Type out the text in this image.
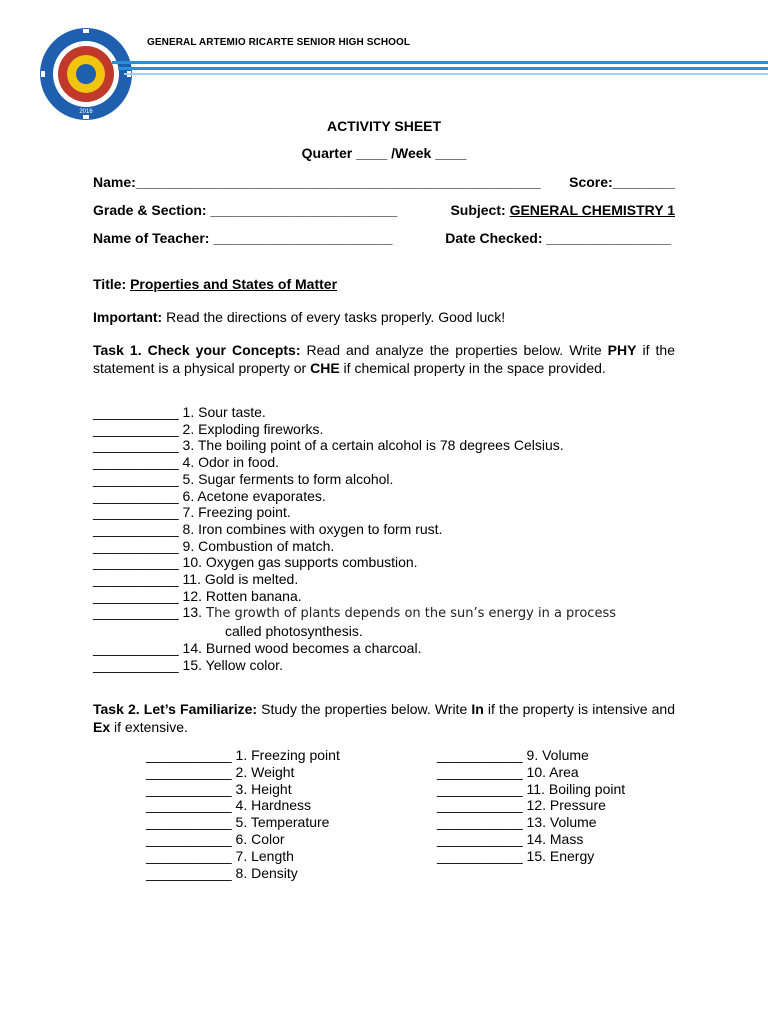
2016
GENERAL ARTEMIO RICARTE SENIOR HIGH SCHOOL
ACTIVITY SHEET
Quarter ____ /Week ____
Name:____________________________________________________ Score:________
Grade & Section: ________________________	Subject: GENERAL CHEMISTRY 1
Name of Teacher: _______________________	Date Checked: ________________
Title: Properties and States of Matter
Important: Read the directions of every tasks properly. Good luck!
Task 1. Check your Concepts: Read and analyze the properties below. Write PHY if the statement is a physical property or CHE if chemical property in the space provided.
___________ 1. Sour taste.
___________ 2. Exploding fireworks.
___________ 3. The boiling point of a certain alcohol is 78 degrees Celsius.
___________ 4. Odor in food.
___________ 5. Sugar ferments to form alcohol.
___________ 6. Acetone evaporates.
___________ 7. Freezing point.
___________ 8. Iron combines with oxygen to form rust.
___________ 9. Combustion of match.
___________ 10. Oxygen gas supports combustion.
___________ 11. Gold is melted.
___________ 12. Rotten banana.
___________ 13. The growth of plants depends on the sun’s energy in a process
called photosynthesis.
___________ 14. Burned wood becomes a charcoal.
___________ 15. Yellow color.
Task 2. Let’s Familiarize: Study the properties below. Write In if the property is intensive and Ex if extensive.
___________ 1. Freezing point
___________ 2. Weight
___________ 3. Height
___________ 4. Hardness
___________ 5. Temperature
___________ 6. Color
___________ 7. Length
___________ 8. Density
___________ 9. Volume
___________ 10. Area
___________ 11. Boiling point
___________ 12. Pressure
___________ 13. Volume
___________ 14. Mass
___________ 15. Energy
